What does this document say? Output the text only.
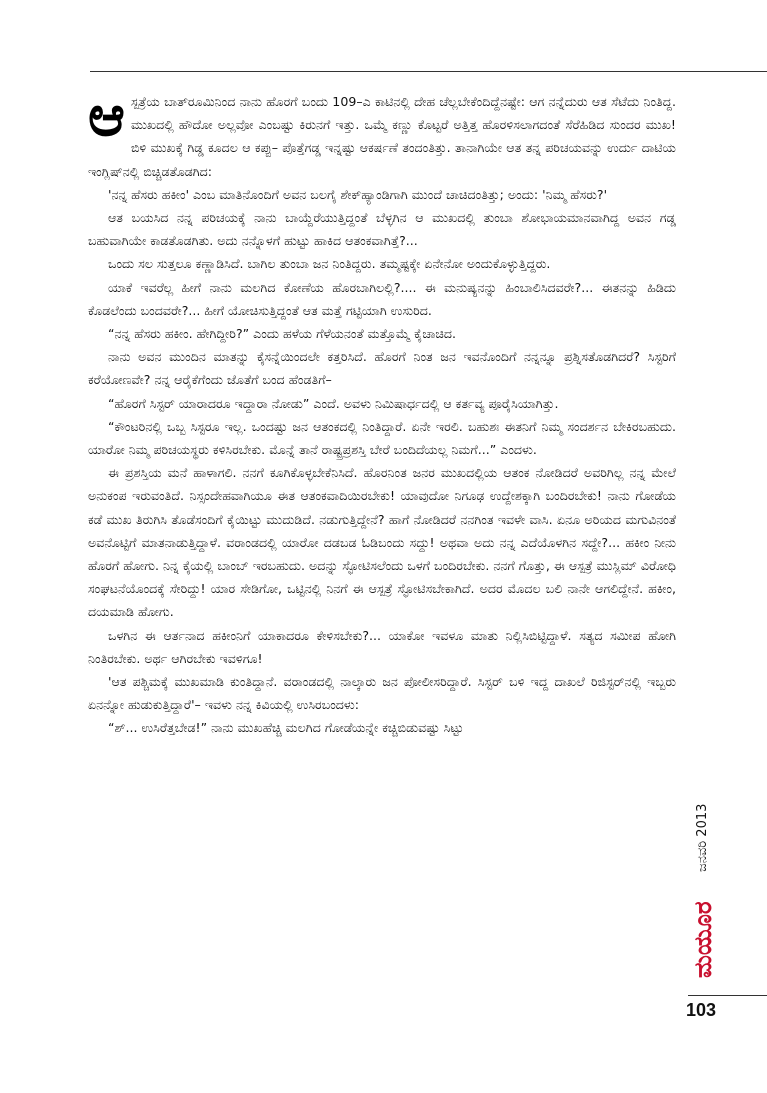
ಆಸ್ಪತ್ರೆಯ ಬಾತ್‌ರೂಮಿನಿಂದ ನಾನು ಹೊರಗೆ ಬಂದು 109–ಎ ಕಾಟಿನಲ್ಲಿ ದೇಹ ಚೆಲ್ಲಬೇಕೆಂದಿದ್ದೆನಷ್ಟೇ: ಆಗ ನನ್ನೆದುರು ಆತ ಸೆಟೆದು ನಿಂತಿದ್ದ. ಮುಖದಲ್ಲಿ ಹೌದೋ ಅಲ್ಲವೋ ಎಂಬಷ್ಟು ಕಿರುನಗೆ ಇತ್ತು. ಒಮ್ಮೆ ಕಣ್ಣು ಕೊಟ್ಟರೆ ಅತ್ತಿತ್ತ ಹೊರಳಿಸಲಾಗದಂತೆ ಸೆರೆಹಿಡಿದ ಸುಂದರ ಮುಖ! ಬಿಳಿ ಮುಖಕ್ಕೆ ಗಿಡ್ಡ ಕೂದಲ ಆ ಕಪ್ಪು– ಪೊತ್ತೆಗಡ್ಡ ಇನ್ನಷ್ಟು ಆಕರ್ಷಣೆ ತಂದಂತಿತ್ತು. ತಾನಾಗಿಯೇ ಆತ ತನ್ನ ಪರಿಚಯವನ್ನು ಉರ್ದು ದಾಟಿಯ ಇಂಗ್ಲಿಷ್‌ನಲ್ಲಿ ಬಿಚ್ಚಿಡತೊಡಗಿದ:

'ನನ್ನ ಹೆಸರು ಹಕೀಂ' ಎಂಬ ಮಾತಿನೊಂದಿಗೆ ಅವನ ಬಲಗೈ ಶೇಕ್‌ಹ್ಯಾಂಡಿಗಾಗಿ ಮುಂದೆ ಚಾಚಿದಂತಿತ್ತು; ಅಂದು: 'ನಿಮ್ಮ ಹೆಸರು?'

ಆತ ಬಯಸಿದ ನನ್ನ ಪರಿಚಯಕ್ಕೆ ನಾನು ಬಾಯ್ದೆರೆಯುತ್ತಿದ್ದಂತೆ ಬೆಳ್ಳಗಿನ ಆ ಮುಖದಲ್ಲಿ ತುಂಬಾ ಶೋಭಾಯಮಾನವಾಗಿದ್ದ ಅವನ ಗಡ್ಡ ಬಹುವಾಗಿಯೇ ಕಾಡತೊಡಗಿತು. ಅದು ನನ್ನೊಳಗೆ ಹುಟ್ಟು ಹಾಕಿದ ಆತಂಕವಾಗಿತ್ತೆ?...

ಒಂದು ಸಲ ಸುತ್ತಲೂ ಕಣ್ಣಾಡಿಸಿದೆ. ಬಾಗಿಲ ತುಂಬಾ ಜನ ನಿಂತಿದ್ದರು. ತಮ್ಮಷ್ಟಕ್ಕೇ ಏನೇನೋ ಅಂದುಕೊಳ್ಳುತ್ತಿದ್ದರು.

ಯಾಕೆ ಇವರೆಲ್ಲ ಹೀಗೆ ನಾನು ಮಲಗಿದ ಕೋಣೆಯ ಹೊರಬಾಗಿಲಲ್ಲಿ?.... ಈ ಮನುಷ್ಯನನ್ನು ಹಿಂಬಾಲಿಸಿದವರೇ?... ಈತನನ್ನು ಹಿಡಿದು ಕೊಡಲೆಂದು ಬಂದವರೇ?... ಹೀಗೆ ಯೋಚಿಸುತ್ತಿದ್ದಂತೆ ಆತ ಮತ್ತೆ ಗಟ್ಟಿಯಾಗಿ ಉಸುರಿದ.

“ನನ್ನ ಹೆಸರು ಹಕೀಂ. ಹೇಗಿದ್ದೀರಿ?” ಎಂದು ಹಳೆಯ ಗೆಳೆಯನಂತೆ ಮತ್ತೊಮ್ಮೆ ಕೈಚಾಚಿದ.

ನಾನು ಅವನ ಮುಂದಿನ ಮಾತನ್ನು ಕೈಸನ್ನೆಯಿಂದಲೇ ಕತ್ತರಿಸಿದೆ. ಹೊರಗೆ ನಿಂತ ಜನ ಇವನೊಂದಿಗೆ ನನ್ನನ್ನೂ ಪ್ರಶ್ನಿಸತೊಡಗಿದರೆ? ಸಿಸ್ಟರಿಗೆ ಕರೆಯೋಣವೇ? ನನ್ನ ಆರೈಕೆಗೆಂದು ಜೊತೆಗೆ ಬಂದ ಹೆಂಡತಿಗೆ–

“ಹೊರಗೆ ಸಿಸ್ಟರ್ ಯಾರಾದರೂ ಇದ್ದಾರಾ ನೋಡು” ಎಂದೆ. ಅವಳು ನಿಮಿಷಾರ್ಧದಲ್ಲಿ ಆ ಕರ್ತವ್ಯ ಪೂರೈಸಿಯಾಗಿತ್ತು.

“ಕೌಂಟರಿನಲ್ಲಿ ಒಬ್ಬ ಸಿಸ್ಟರೂ ಇಲ್ಲ. ಒಂದಷ್ಟು ಜನ ಆತಂಕದಲ್ಲಿ ನಿಂತಿದ್ದಾರೆ. ಏನೇ ಇರಲಿ. ಬಹುಶಃ ಈತನಿಗೆ ನಿಮ್ಮ ಸಂದರ್ಶನ ಬೇಕಿರಬಹುದು. ಯಾರೋ ನಿಮ್ಮ ಪರಿಚಯಸ್ಥರು ಕಳಿಸಿರಬೇಕು. ಮೊನ್ನೆ ತಾನೆ ರಾಷ್ಟ್ರಪ್ರಶಸ್ತಿ ಬೇರೆ ಬಂದಿದೆಯಲ್ಲ ನಿಮಗೆ...” ಎಂದಳು.

ಈ ಪ್ರಶಸ್ತಿಯ ಮನೆ ಹಾಳಾಗಲಿ. ನನಗೆ ಕೂಗಿಕೊಳ್ಳಬೇಕೆನಿಸಿದೆ. ಹೊರನಿಂತ ಜನರ ಮುಖದಲ್ಲಿಯ ಆತಂಕ ನೋಡಿದರೆ ಅವರಿಗಿಲ್ಲ ನನ್ನ ಮೇಲೆ ಅನುಕಂಪ ಇರುವಂತಿದೆ. ನಿಸ್ಸಂದೇಹವಾಗಿಯೂ ಈತ ಆತಂಕವಾದಿಯಿರಬೇಕು! ಯಾವುದೋ ನಿಗೂಢ ಉದ್ದೇಶಕ್ಕಾಗಿ ಬಂದಿರಬೇಕು! ನಾನು ಗೋಡೆಯ ಕಡೆ ಮುಖ ತಿರುಗಿಸಿ ತೊಡೆಸಂದಿಗೆ ಕೈಯಿಟ್ಟು ಮುದುಡಿದೆ. ನಡುಗುತ್ತಿದ್ದೇನೆ? ಹಾಗೆ ನೋಡಿದರೆ ನನಗಿಂತ ಇವಳೇ ವಾಸಿ. ಏನೂ ಅರಿಯದ ಮಗುವಿನಂತೆ ಅವನೊಟ್ಟಿಗೆ ಮಾತನಾಡುತ್ತಿದ್ದಾಳೆ. ವರಾಂಡದಲ್ಲಿ ಯಾರೋ ದಡಬಡ ಓಡಿಬಂದು ಸದ್ದು! ಅಥವಾ ಅದು ನನ್ನ ಎದೆಯೊಳಗಿನ ಸದ್ದೇ?... ಹಕೀಂ ನೀನು ಹೊರಗೆ ಹೋಗು. ನಿನ್ನ ಕೈಯಲ್ಲಿ ಬಾಂಬ್ ಇರಬಹುದು. ಅದನ್ನು ಸ್ಫೋಟಿಸಲೆಂದು ಒಳಗೆ ಬಂದಿರಬೇಕು. ನನಗೆ ಗೊತ್ತು, ಈ ಆಸ್ಪತ್ರೆ ಮುಸ್ಲಿಮ್ ವಿರೋಧಿ ಸಂಘಟನೆಯೊಂದಕ್ಕೆ ಸೇರಿದ್ದು! ಯಾರ ಸೇಡಿಗೋ, ಒಟ್ಟಿನಲ್ಲಿ ನಿನಗೆ ಈ ಆಸ್ಪತ್ರೆ ಸ್ಫೋಟಿಸಬೇಕಾಗಿದೆ. ಅದರ ಮೊದಲ ಬಲಿ ನಾನೇ ಆಗಲಿದ್ದೇನೆ. ಹಕೀಂ, ದಯಮಾಡಿ ಹೋಗು.

ಒಳಗಿನ ಈ ಆರ್ತನಾದ ಹಕೀಂನಿಗೆ ಯಾಕಾದರೂ ಕೇಳಿಸಬೇಕು?... ಯಾಕೋ ಇವಳೂ ಮಾತು ನಿಲ್ಲಿಸಿಬಿಟ್ಟಿದ್ದಾಳೆ. ಸತ್ಯದ ಸಮೀಪ ಹೋಗಿ ನಿಂತಿರಬೇಕು. ಅರ್ಥ ಆಗಿರಬೇಕು ಇವಳಿಗೂ!

'ಆತ ಪಶ್ಚಿಮಕ್ಕೆ ಮುಖಮಾಡಿ ಕುಂತಿದ್ದಾನೆ. ವರಾಂಡದಲ್ಲಿ ನಾಲ್ಕಾರು ಜನ ಪೋಲೀಸರಿದ್ದಾರೆ. ಸಿಸ್ಟರ್ ಬಳಿ ಇದ್ದ ದಾಖಲೆ ರಿಜಿಸ್ಟರ್‌ನಲ್ಲಿ ಇಬ್ಬರು ಏನನ್ನೋ ಹುಡುಕುತ್ತಿದ್ದಾರೆ'– ಇವಳು ನನ್ನ ಕಿವಿಯಲ್ಲಿ ಉಸಿರಬಂದಳು:

“ಶ್... ಉಸಿರೆತ್ತಬೇಡ!” ನಾನು ಮುಖಹೆಚ್ಚಿ ಮಲಗಿದ ಗೋಡೆಯನ್ನೇ ಕಚ್ಚಿಬಿಡುವಷ್ಟು ಸಿಟ್ಟು

ಜನವರಿ 2013
ಮಯೂರ
103
